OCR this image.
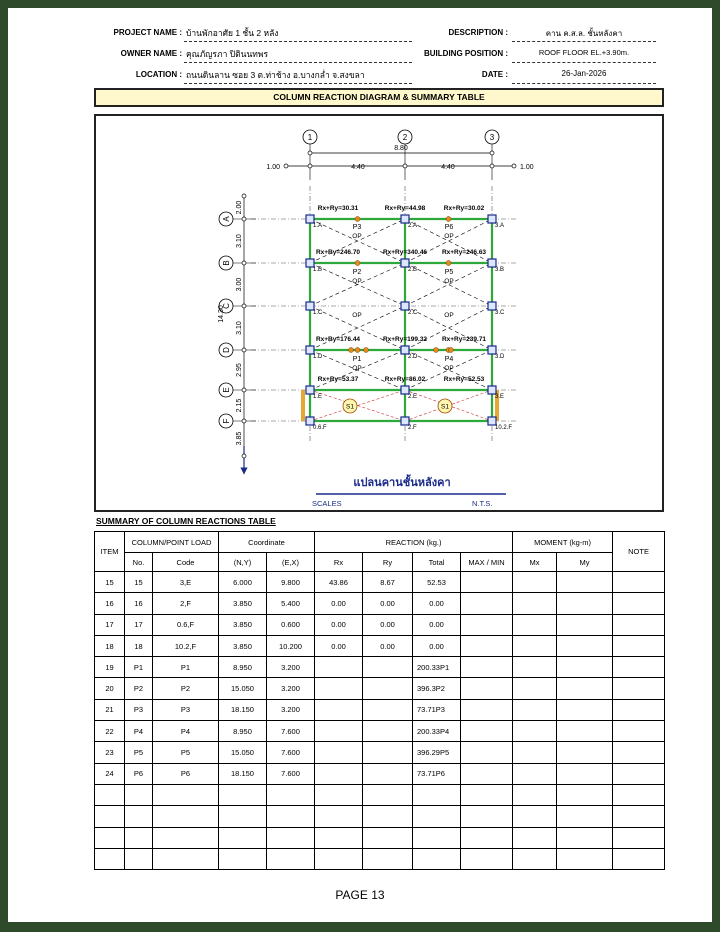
PROJECT NAME : บ้านพักอาศัย 1 ชั้น 2 หลัง
OWNER NAME : คุณภัญรภา ปิตินนทพร
LOCATION : ถนนดินลาน ซอย 3 ต.ท่าช้าง อ.บางกล่ำ จ.สงขลา
DESCRIPTION :	คาน ค.ส.ล. ชั้นหลังคา
BUILDING POSITION :	ROOF FLOOR EL.+3.90m.
DATE :	26-Jan-2026
COLUMN REACTION DIAGRAM & SUMMARY TABLE
แปลนคานชั้นหลังคา
SCALES	N.T.S.
1	2	3
A
B
C
D
E
F
8.80
1.00	4.40	4.40	1.00
14.30
2.00
3.10
3.00
3.10
2.95
2.15
3.85
P3
OP
P6
OP
P2
OP
P5
OP
OP	OP
P1
OP
P4
OP
S1	S1
1.A
Rx+Ry=30.31
2.A
Rx+Ry=44.98
3.A
Rx+Ry=30.02
1.B
Rx+Ry=246.70
2.B
Rx+Ry=340.46
3.B
Rx+Ry=246.63
1.C	2.C	3.C
1.D
Rx+Ry=176.44
2.D
Rx+Ry=199.32
3.D
Rx+Ry=239.71
1.E
Rx+Ry=53.37
2.E
Rx+Ry=86.02
3.E
Rx+Ry=52.53
0.6.F	2.F	10.2.F
SUMMARY OF COLUMN REACTIONS TABLE
ITEM	COLUMN/POINT LOAD		Coordinate		REACTION (kg.)				MOMENT (kg-m)		NOTE
	No.	Code	(N,Y)	(E,X)	Rx	Ry	Total	MAX / MIN	Mx	My	
15	15	3,E	6.000	9.800	43.86	8.67	52.53				
16	16	2,F	3.850	5.400	0.00	0.00	0.00				
17	17	0.6,F	3.850	0.600	0.00	0.00	0.00				
18	18	10.2,F	3.850	10.200	0.00	0.00	0.00				
19	P1	P1	8.950	3.200			200.33P1				
20	P2	P2	15.050	3.200			396.3P2				
21	P3	P3	18.150	3.200			73.71P3				
22	P4	P4	8.950	7.600			200.33P4				
23	P5	P5	15.050	7.600			396.29P5				
24	P6	P6	18.150	7.600			73.71P6				

PAGE 13
